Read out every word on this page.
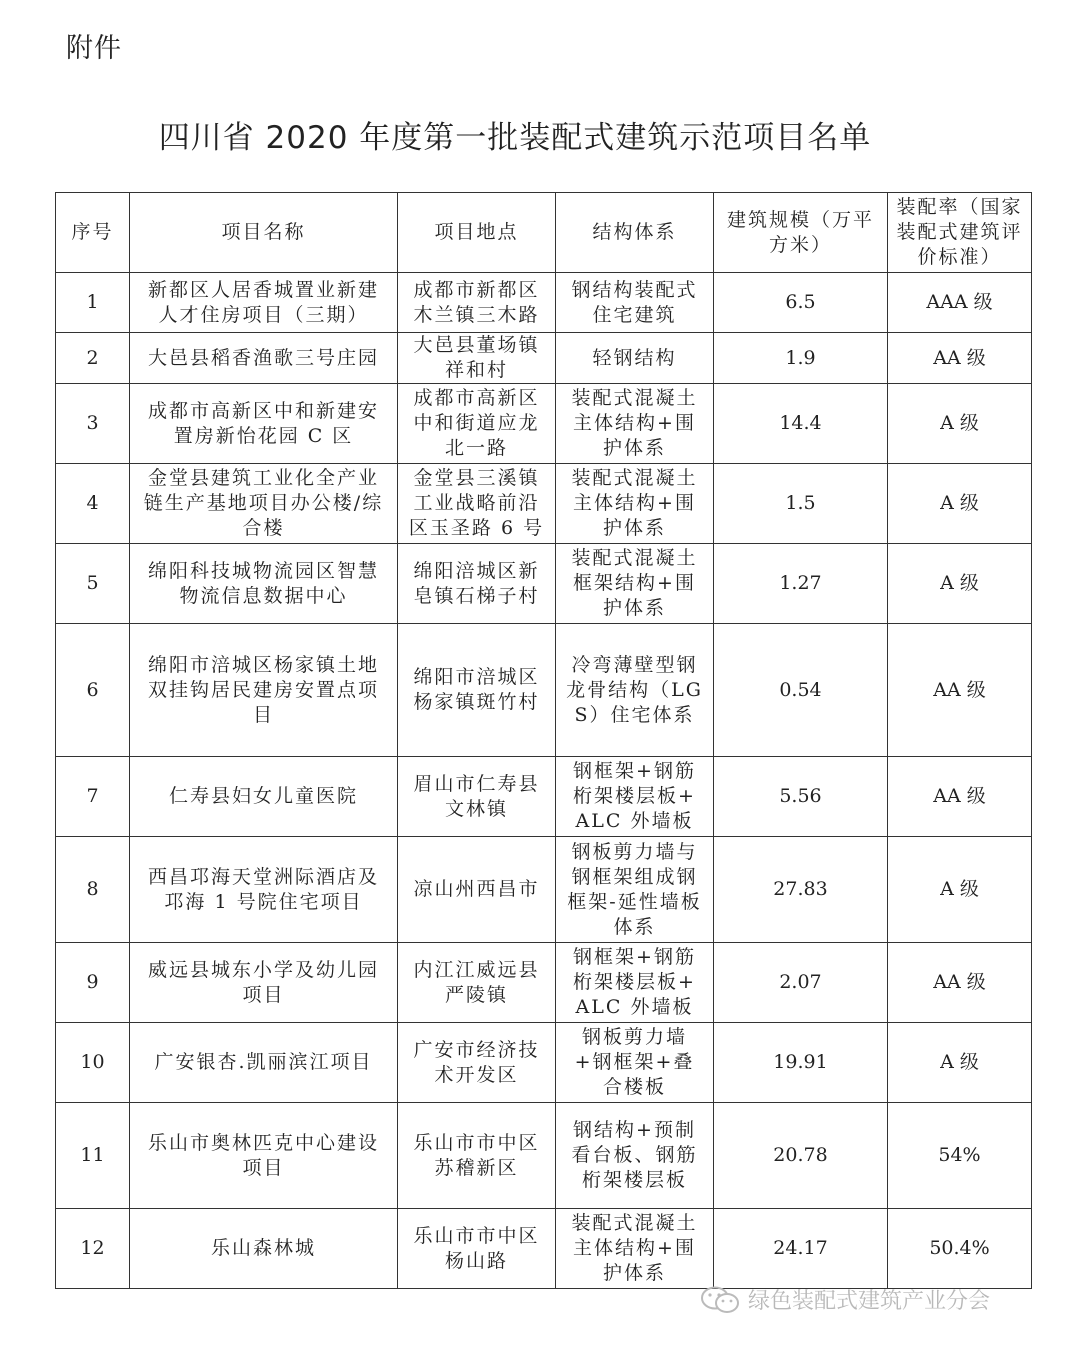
附件
四川省 2020 年度第一批装配式建筑示范项目名单
序号	项目名称	项目地点	结构体系	建筑规模（万平方米）	装配率（国家装配式建筑评价标准）
1	新都区人居香城置业新建人才住房项目（三期）	成都市新都区木兰镇三木路	钢结构装配式住宅建筑	6.5	AAA 级
2	大邑县稻香渔歌三号庄园	大邑县董场镇祥和村	轻钢结构	1.9	AA 级
3	成都市高新区中和新建安置房新怡花园 C 区	成都市高新区中和街道应龙北一路	装配式混凝土主体结构+围护体系	14.4	A 级
4	金堂县建筑工业化全产业链生产基地项目办公楼/综合楼	金堂县三溪镇工业战略前沿区玉圣路 6 号	装配式混凝土主体结构+围护体系	1.5	A 级
5	绵阳科技城物流园区智慧物流信息数据中心	绵阳涪城区新皂镇石梯子村	装配式混凝土框架结构+围护体系	1.27	A 级
6	绵阳市涪城区杨家镇土地双挂钩居民建房安置点项目	绵阳市涪城区杨家镇斑竹村	冷弯薄壁型钢龙骨结构（LGS）住宅体系	0.54	AA 级
7	仁寿县妇女儿童医院	眉山市仁寿县文林镇	钢框架+钢筋桁架楼层板+ALC 外墙板	5.56	AA 级
8	西昌邛海天堂洲际酒店及邛海 1 号院住宅项目	凉山州西昌市	钢板剪力墙与钢框架组成钢框架-延性墙板体系	27.83	A 级
9	威远县城东小学及幼儿园项目	内江江威远县严陵镇	钢框架+钢筋桁架楼层板+ALC 外墙板	2.07	AA 级
10	广安银杏.凯丽滨江项目	广安市经济技术开发区	钢板剪力墙+钢框架+叠合楼板	19.91	A 级
11	乐山市奥林匹克中心建设项目	乐山市市中区苏稽新区	钢结构+预制看台板、钢筋桁架楼层板	20.78	54%
12	乐山森林城	乐山市市中区杨山路	装配式混凝土主体结构+围护体系	24.17	50.4%
绿色装配式建筑产业分会
